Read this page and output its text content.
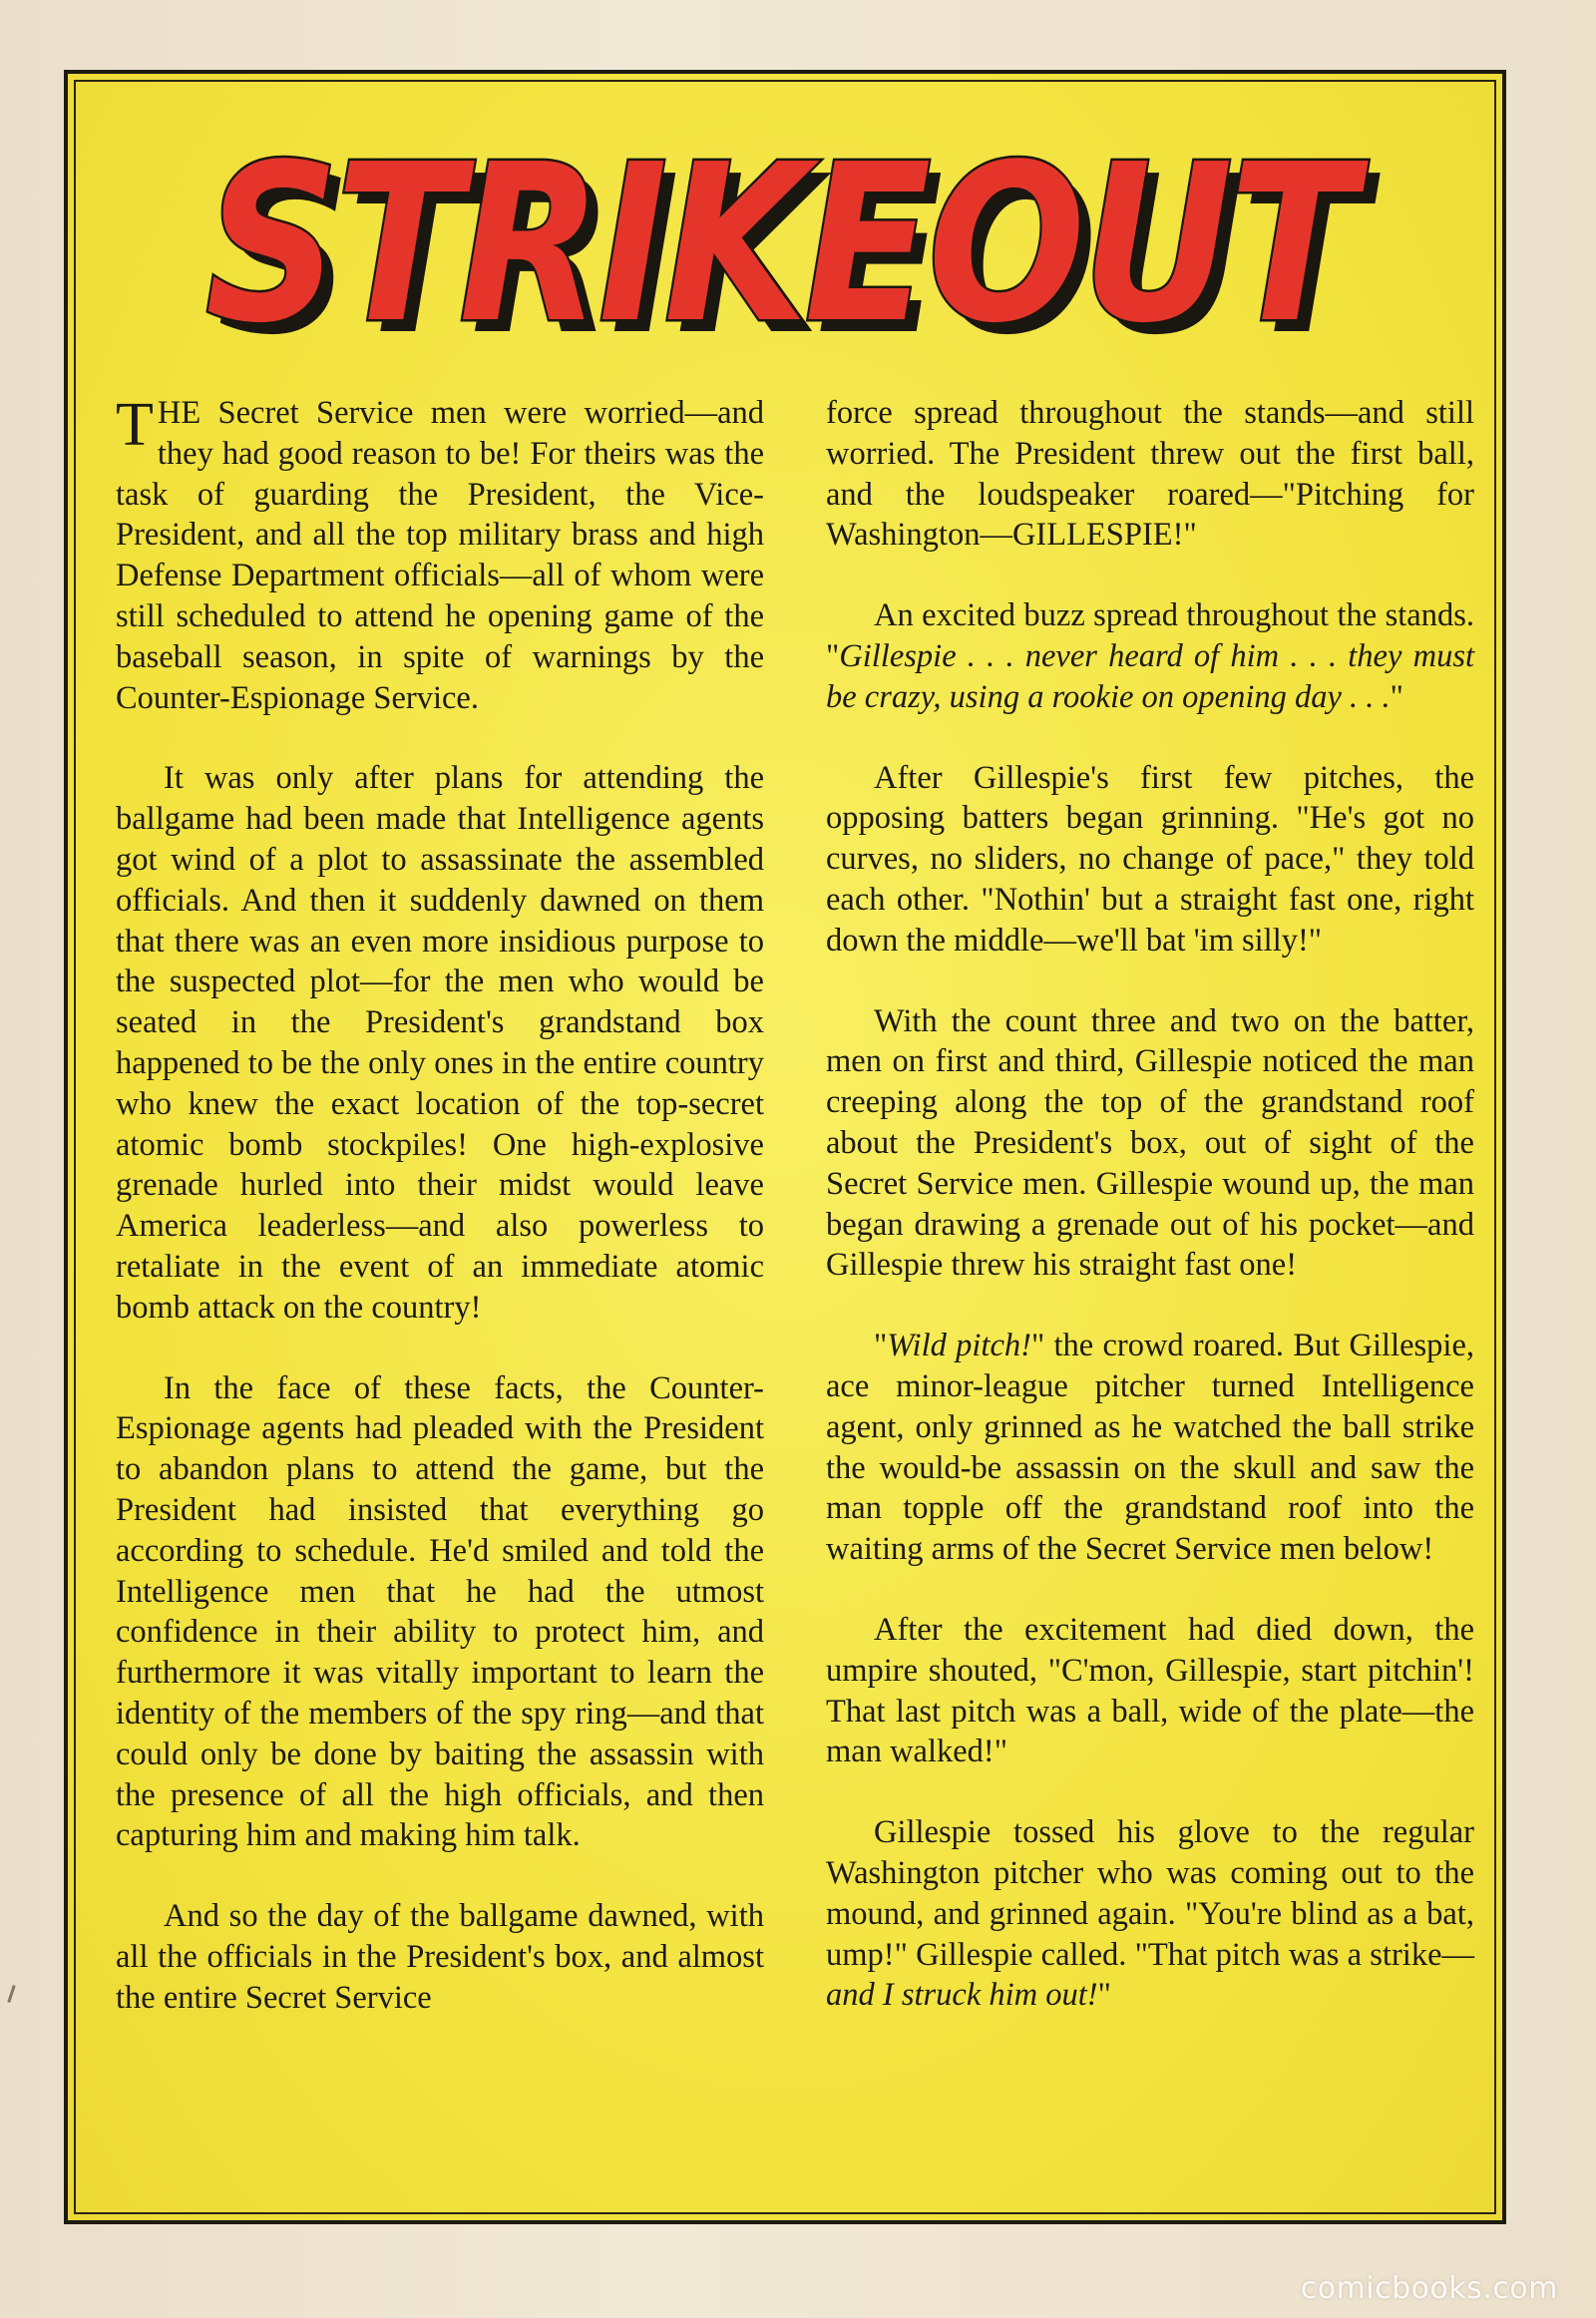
STRIKEOUT
STRIKEOUT

THE Secret Service men were worried—and they had good reason to be! For theirs was the task of guarding the President, the Vice-President, and all the top military brass and high Defense Department officials—all of whom were still scheduled to attend he opening game of the baseball season, in spite of warnings by the Counter-Espionage Service.

It was only after plans for attending the ballgame had been made that Intelligence agents got wind of a plot to assassinate the assembled officials. And then it suddenly dawned on them that there was an even more insidious purpose to the suspected plot—for the men who would be seated in the President's grandstand box happened to be the only ones in the entire country who knew the exact location of the top-secret atomic bomb stockpiles! One high-explosive grenade hurled into their midst would leave America leaderless—and also powerless to retaliate in the event of an immediate atomic bomb attack on the country!

In the face of these facts, the Counter-Espionage agents had pleaded with the President to abandon plans to attend the game, but the President had insisted that everything go according to schedule. He'd smiled and told the Intelligence men that he had the utmost confidence in their ability to protect him, and furthermore it was vitally important to learn the identity of the members of the spy ring—and that could only be done by baiting the assassin with the presence of all the high officials, and then capturing him and making him talk.

And so the day of the ballgame dawned, with all the officials in the President's box, and almost the entire Secret Service

force spread throughout the stands—and still worried. The President threw out the first ball, and the loudspeaker roared—"Pitching for Washington—GILLESPIE!"

An excited buzz spread throughout the stands. "Gillespie . . . never heard of him . . . they must be crazy, using a rookie on opening day . . ."

After Gillespie's first few pitches, the opposing batters began grinning. "He's got no curves, no sliders, no change of pace," they told each other. "Nothin' but a straight fast one, right down the middle—we'll bat 'im silly!"

With the count three and two on the batter, men on first and third, Gillespie noticed the man creeping along the top of the grandstand roof about the President's box, out of sight of the Secret Service men. Gillespie wound up, the man began drawing a grenade out of his pocket—and Gillespie threw his straight fast one!

"Wild pitch!" the crowd roared. But Gillespie, ace minor-league pitcher turned Intelligence agent, only grinned as he watched the ball strike the would-be assassin on the skull and saw the man topple off the grandstand roof into the waiting arms of the Secret Service men below!

After the excitement had died down, the umpire shouted, "C'mon, Gillespie, start pitchin'! That last pitch was a ball, wide of the plate—the man walked!"

Gillespie tossed his glove to the regular Washington pitcher who was coming out to the mound, and grinned again. "You're blind as a bat, ump!" Gillespie called. "That pitch was a strike—and I struck him out!"

comicbooks.com
